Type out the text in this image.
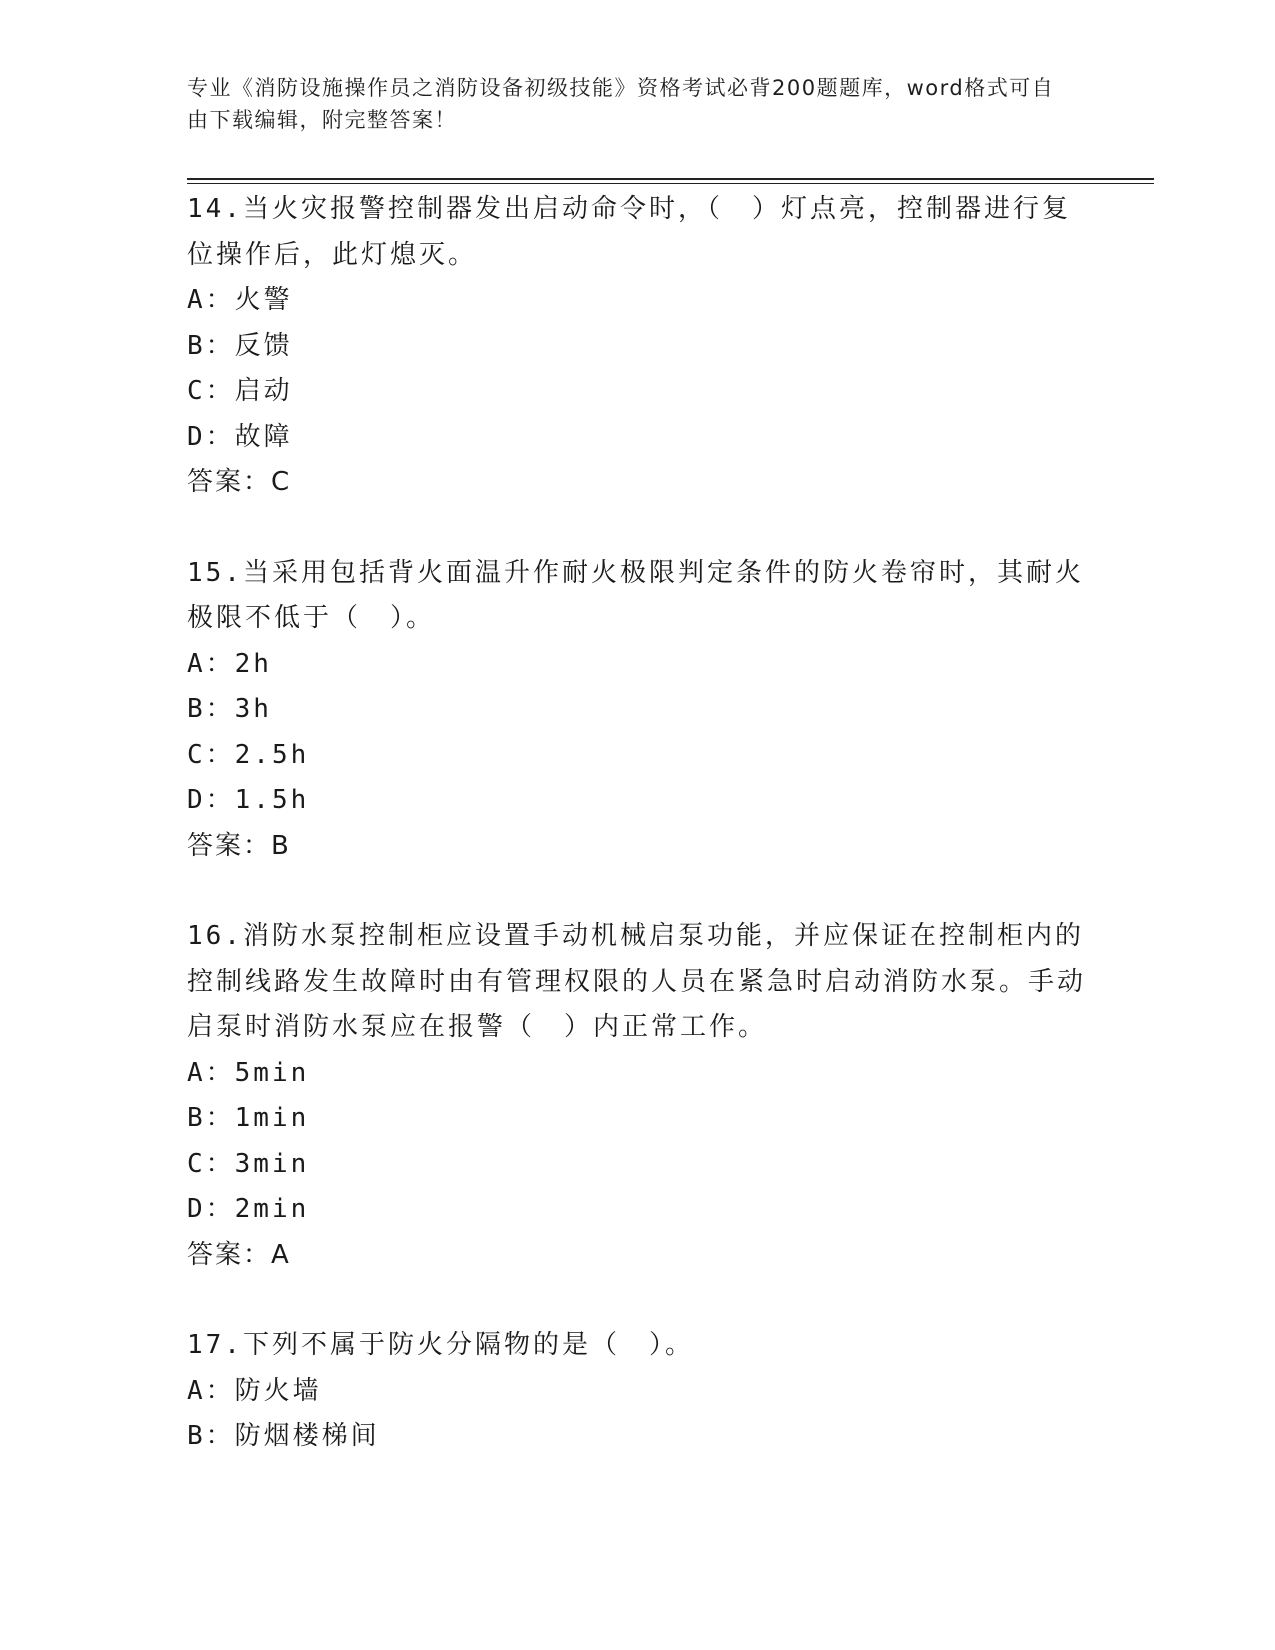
专业《消防设施操作员之消防设备初级技能》资格考试必背200题题库，word格式可自由下载编辑，附完整答案！
14.当火灾报警控制器发出启动命令时，（　）灯点亮，控制器进行复位操作后，此灯熄灭。
A：火警
B：反馈
C：启动
D：故障
答案：C
15.当采用包括背火面温升作耐火极限判定条件的防火卷帘时，其耐火极限不低于（　）。
A：2h
B：3h
C：2.5h
D：1.5h
答案：B
16.消防水泵控制柜应设置手动机械启泵功能，并应保证在控制柜内的控制线路发生故障时由有管理权限的人员在紧急时启动消防水泵。手动启泵时消防水泵应在报警（　）内正常工作。
A：5min
B：1min
C：3min
D：2min
答案：A
17.下列不属于防火分隔物的是（　）。
A：防火墙
B：防烟楼梯间
